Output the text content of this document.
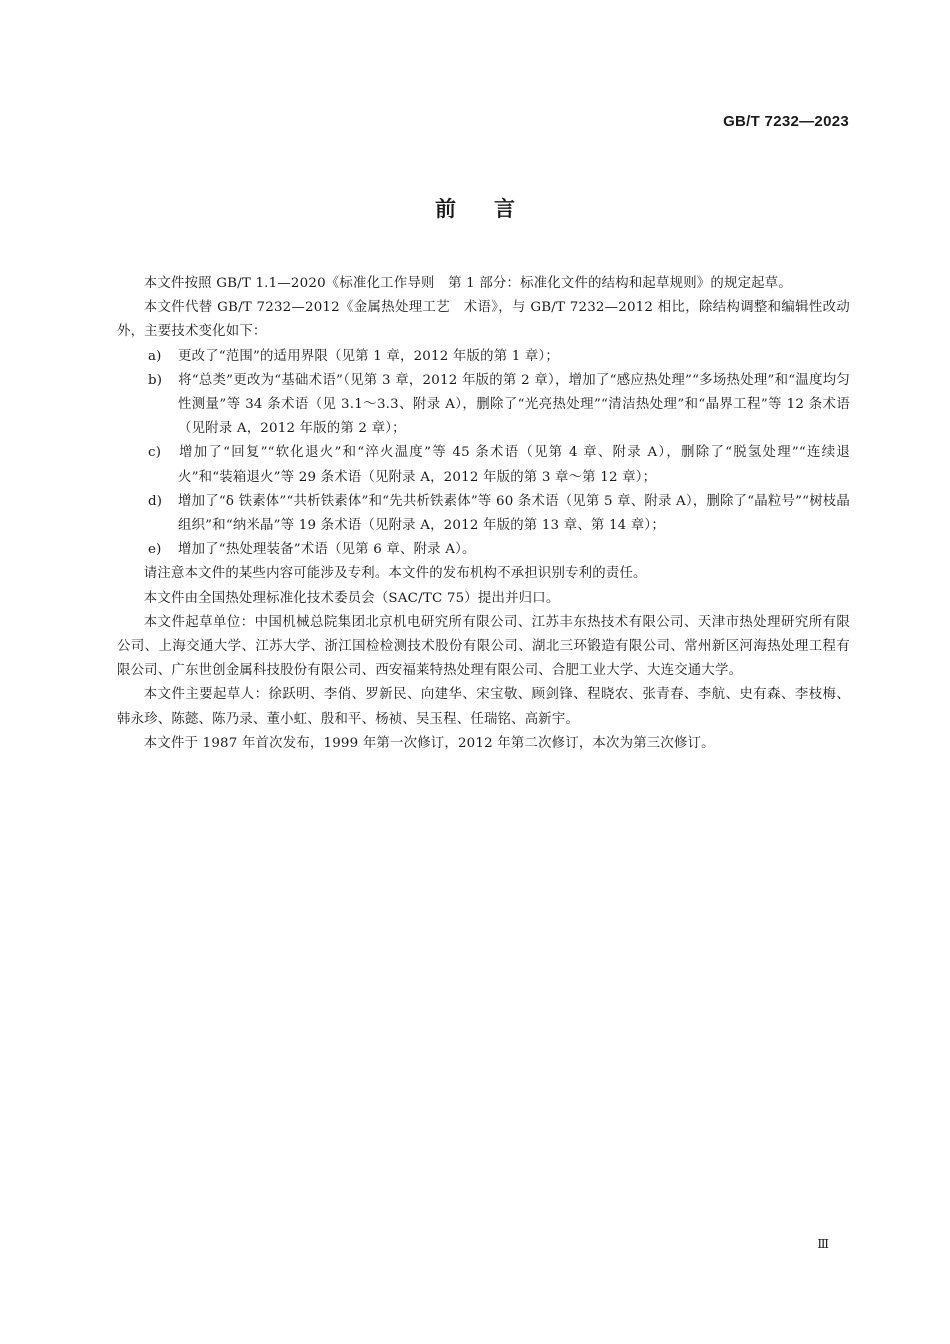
GB/T 7232—2023
前言

本文件按照 GB/T 1.1—2020《标准化工作导则　第 1 部分：标准化文件的结构和起草规则》的规定起草。

本文件代替 GB/T 7232—2012《金属热处理工艺　术语》，与 GB/T 7232—2012 相比，除结构调整和编辑性改动外，主要技术变化如下：

a) 更改了“范围”的适用界限（见第 1 章，2012 年版的第 1 章）；

b) 将“总类”更改为“基础术语”（见第 3 章，2012 年版的第 2 章），增加了“感应热处理”“多场热处理”和“温度均匀性测量”等 34 条术语（见 3.1～3.3、附录 A），删除了“光亮热处理”“清洁热处理”和“晶界工程”等 12 条术语（见附录 A，2012 年版的第 2 章）；

c) 增加了“回复”“软化退火”和“淬火温度”等 45 条术语（见第 4 章、附录 A），删除了“脱氢处理”“连续退火”和“装箱退火”等 29 条术语（见附录 A，2012 年版的第 3 章～第 12 章）；

d) 增加了“δ 铁素体”“共析铁素体”和“先共析铁素体”等 60 条术语（见第 5 章、附录 A），删除了“晶粒号”“树枝晶组织”和“纳米晶”等 19 条术语（见附录 A，2012 年版的第 13 章、第 14 章）；

e) 增加了“热处理装备”术语（见第 6 章、附录 A）。

请注意本文件的某些内容可能涉及专利。本文件的发布机构不承担识别专利的责任。

本文件由全国热处理标准化技术委员会（SAC/TC 75）提出并归口。

本文件起草单位：中国机械总院集团北京机电研究所有限公司、江苏丰东热技术有限公司、天津市热处理研究所有限公司、上海交通大学、江苏大学、浙江国检检测技术股份有限公司、湖北三环锻造有限公司、常州新区河海热处理工程有限公司、广东世创金属科技股份有限公司、西安福莱特热处理有限公司、合肥工业大学、大连交通大学。

本文件主要起草人：徐跃明、李俏、罗新民、向建华、宋宝敬、顾剑锋、程晓农、张青春、李航、史有森、李枝梅、韩永珍、陈懿、陈乃录、董小虹、殷和平、杨祯、吴玉程、任瑞铭、高新宇。

本文件于 1987 年首次发布，1999 年第一次修订，2012 年第二次修订，本次为第三次修订。

Ⅲ
